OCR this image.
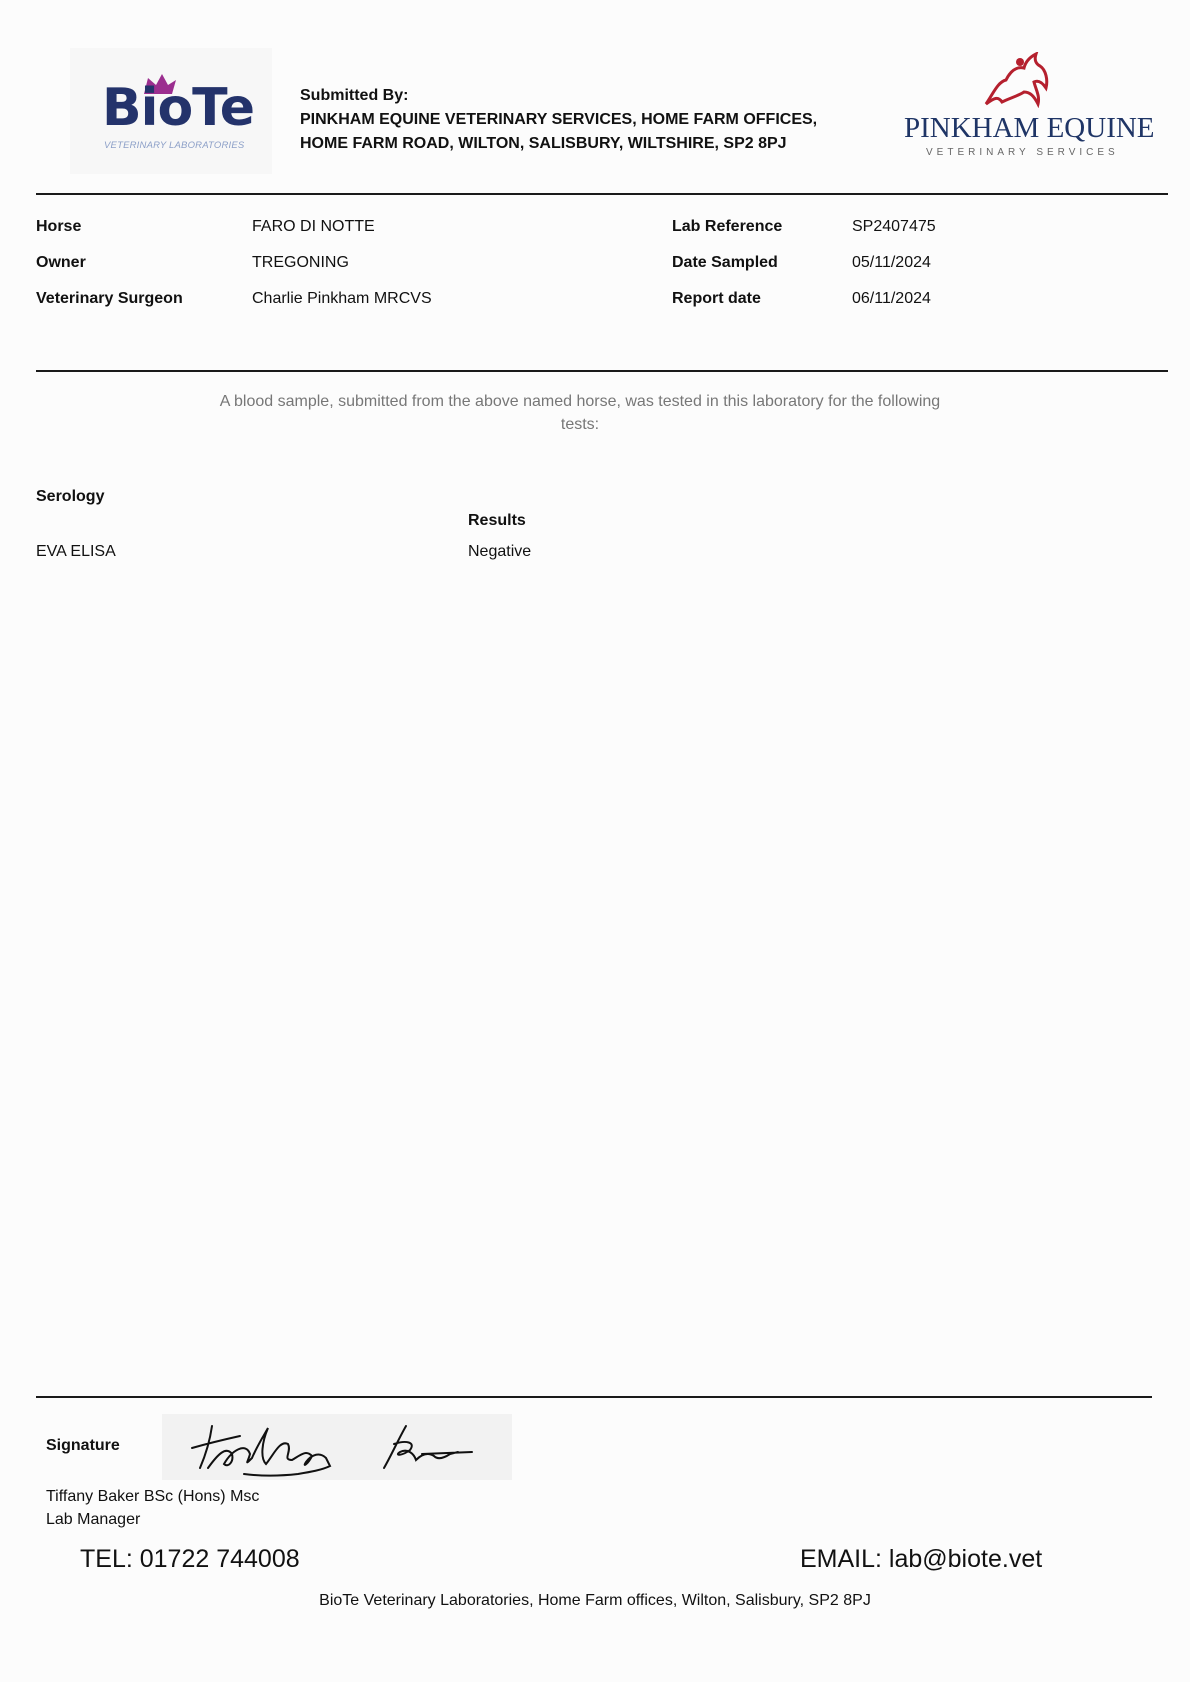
BioTe
VETERINARY LABORATORIES
Submitted By:
PINKHAM EQUINE VETERINARY SERVICES, HOME FARM OFFICES, HOME FARM ROAD, WILTON, SALISBURY, WILTSHIRE, SP2 8PJ	PINKHAM EQUINE
VETERINARY SERVICES
Horse	FARO DI NOTTE	Lab Reference	SP2407475
Owner	TREGONING	Date Sampled	05/11/2024
Veterinary Surgeon	Charlie Pinkham MRCVS	Report date	06/11/2024
A blood sample, submitted from the above named horse, was tested in this laboratory for the following tests:
Serology
Results
EVA ELISA	Negative
Signature
Tiffany Baker BSc (Hons) Msc
Lab Manager
TEL: 01722 744008	EMAIL: lab@biote.vet
BioTe Veterinary Laboratories, Home Farm offices, Wilton, Salisbury, SP2 8PJ
